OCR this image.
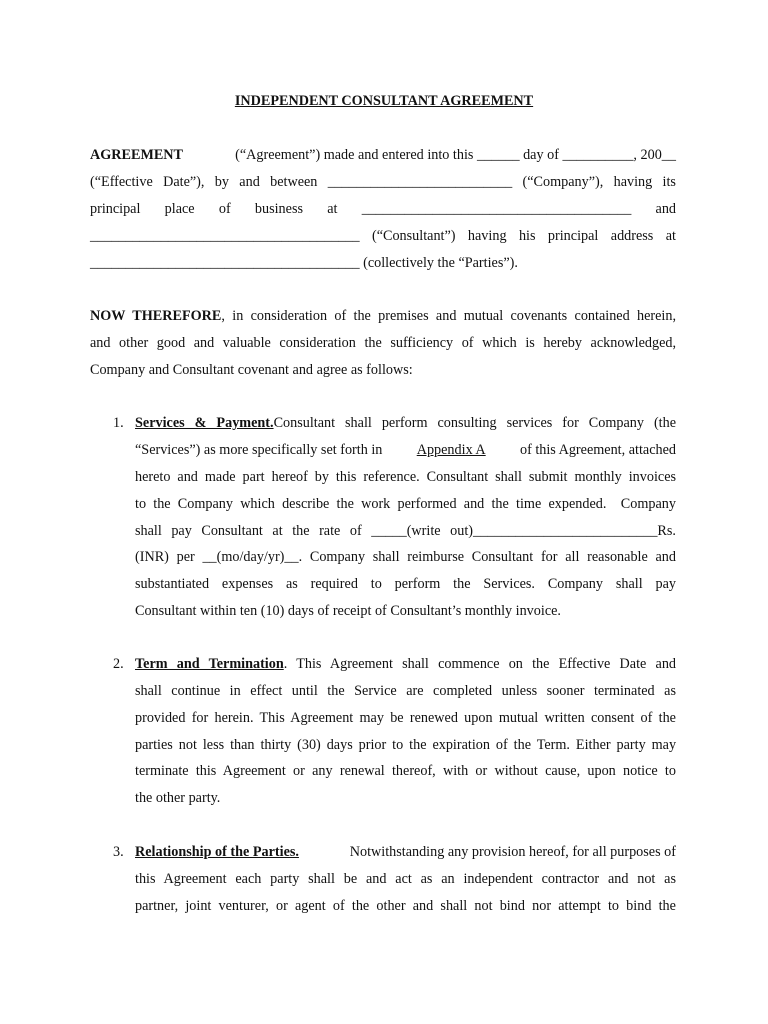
INDEPENDENT CONSULTANT AGREEMENT
AGREEMENT	(“Agreement”) made and entered into this ______ day of __________, 200__
(“Effective Date”), by and between __________________________ (“Company”), having its
principal place of business at ______________________________________ and
______________________________________ (“Consultant”) having his principal address at
______________________________________ (collectively the “Parties”).
NOW THEREFORE, in consideration of the premises and mutual covenants contained herein,
and other good and valuable consideration the sufficiency of which is hereby acknowledged,
Company and Consultant covenant and agree as follows:
1. Services & Payment.Consultant shall perform consulting services for Company (the
“Services”) as more specifically set forth in Appendix A of this Agreement, attached
hereto and made part hereof by this reference. Consultant shall submit monthly invoices
to the Company which describe the work performed and the time expended.  Company
shall pay Consultant at the rate of _____(write out)__________________________Rs.
(INR) per __(mo/day/yr)__. Company shall reimburse Consultant for all reasonable and
substantiated expenses as required to perform the Services. Company shall pay
Consultant within ten (10) days of receipt of Consultant’s monthly invoice.
2. Term and Termination. This Agreement shall commence on the Effective Date and
shall continue in effect until the Service are completed unless sooner terminated as
provided for herein. This Agreement may be renewed upon mutual written consent of the
parties not less than thirty (30) days prior to the expiration of the Term. Either party may
terminate this Agreement or any renewal thereof, with or without cause, upon notice to
the other party.
3. Relationship of the Parties.	Notwithstanding any provision hereof, for all purposes of
this Agreement each party shall be and act as an independent contractor and not as
partner, joint venturer, or agent of the other and shall not bind nor attempt to bind the
